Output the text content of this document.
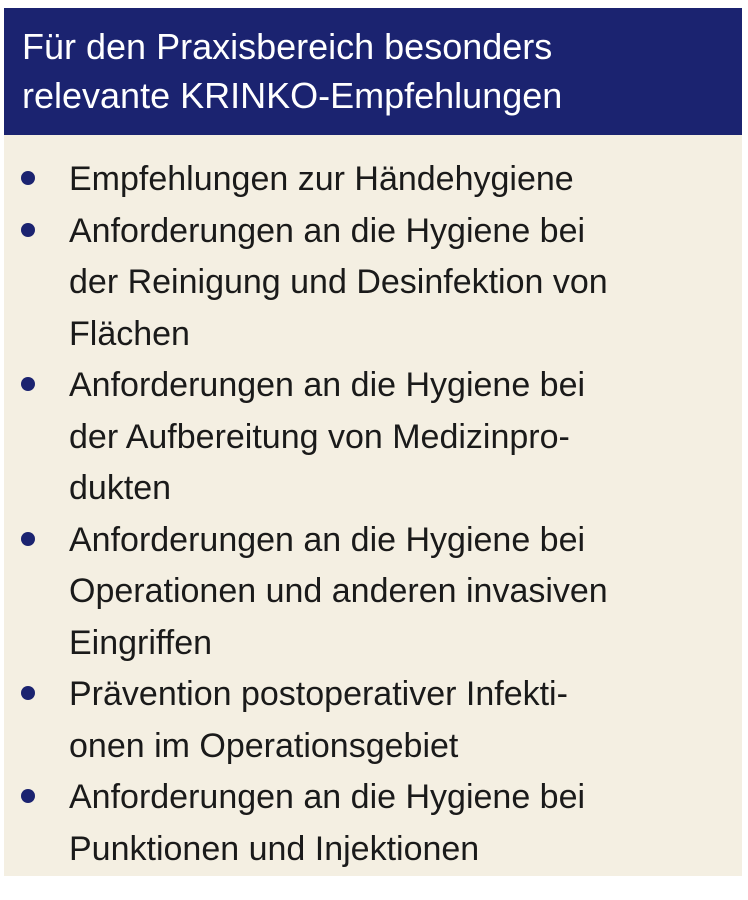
Für den Praxisbereich besonders
relevante KRINKO-Empfehlungen
Empfehlungen zur Händehygiene
Anforderungen an die Hygiene bei
der Reinigung und Desinfektion von
Flächen
Anforderungen an die Hygiene bei
der Aufbereitung von Medizinpro-
dukten
Anforderungen an die Hygiene bei
Operationen und anderen invasiven
Eingriffen
Prävention postoperativer Infekti-
onen im Operationsgebiet
Anforderungen an die Hygiene bei
Punktionen und Injektionen
